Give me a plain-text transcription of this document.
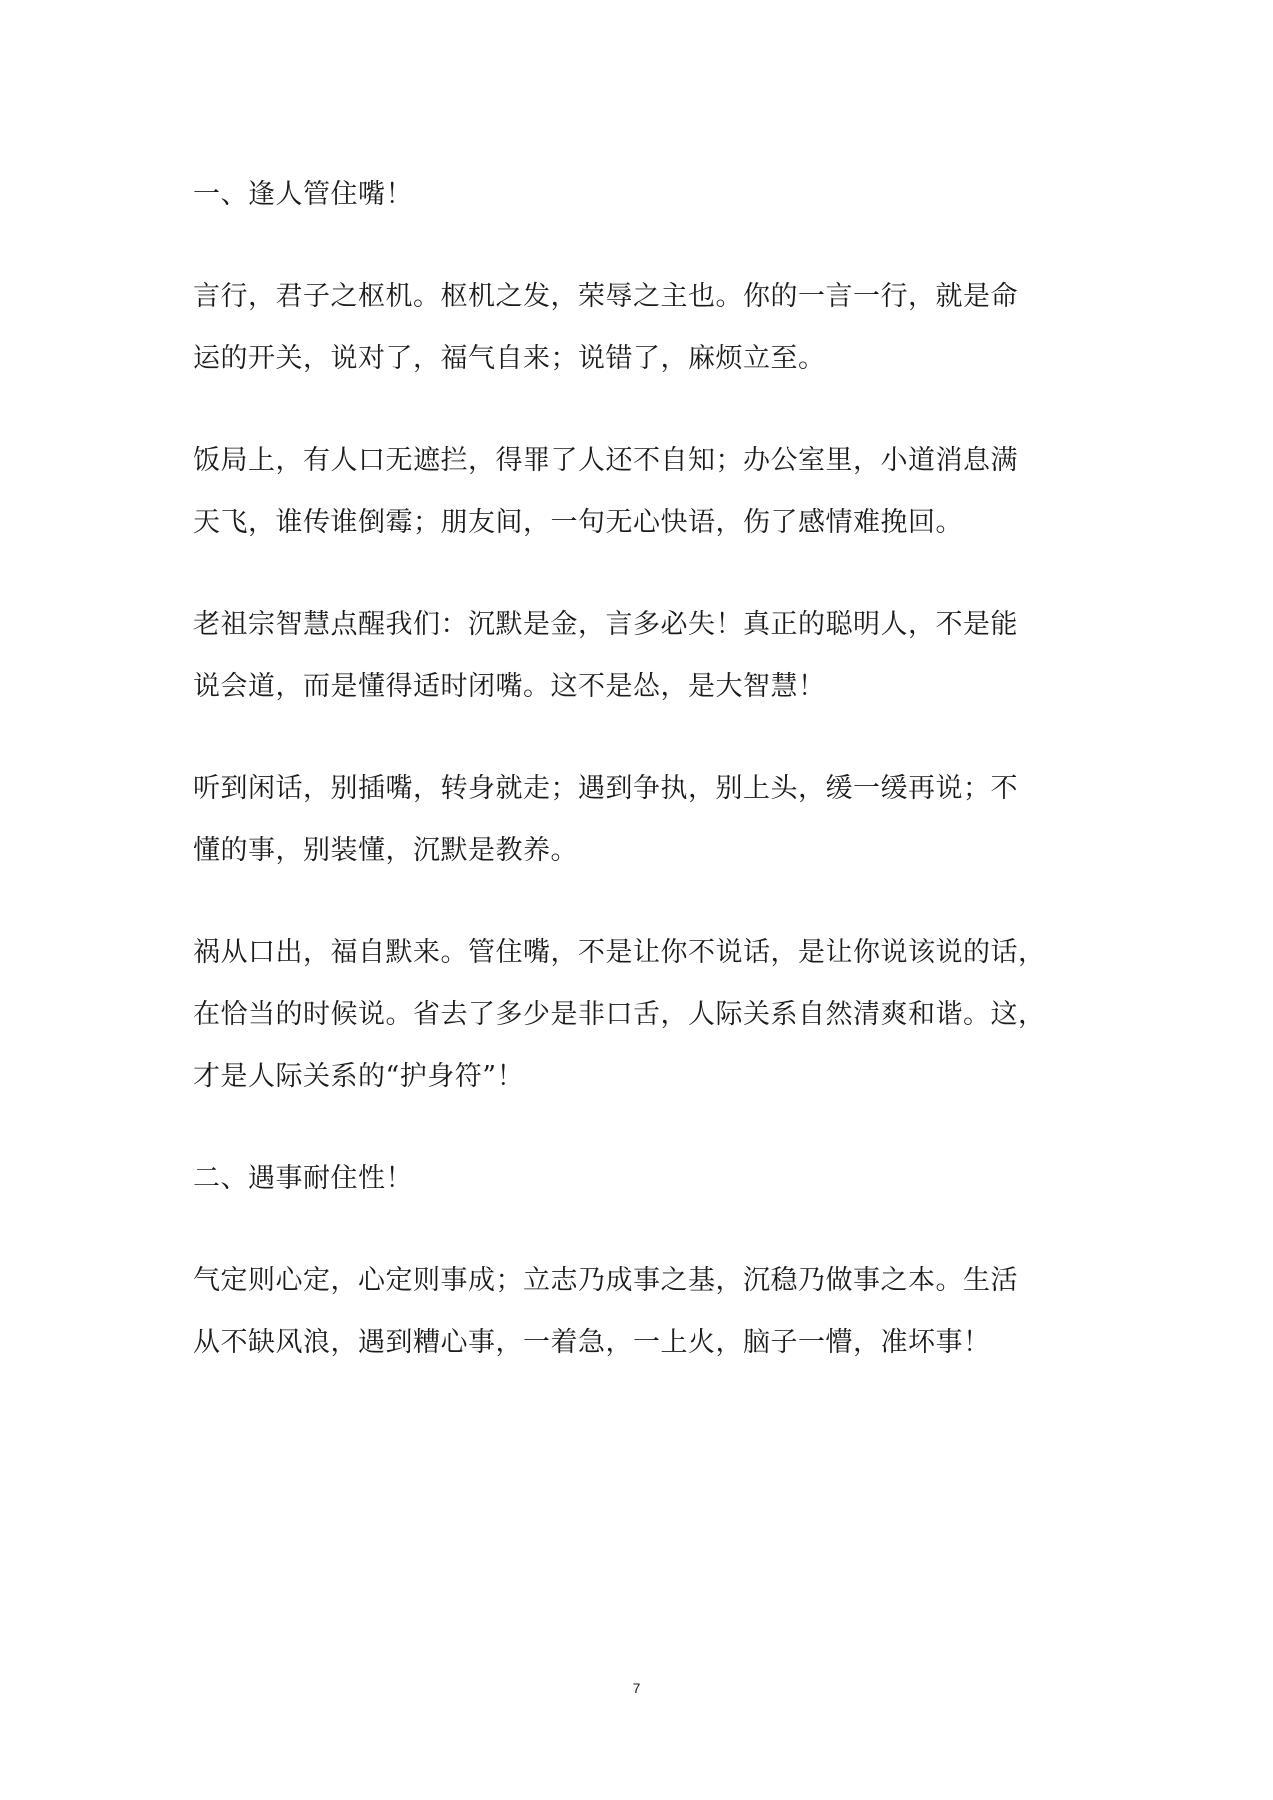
一、逢人管住嘴！
言行，君子之枢机。枢机之发，荣辱之主也。你的一言一行，就是命
运的开关，说对了，福气自来；说错了，麻烦立至。
饭局上，有人口无遮拦，得罪了人还不自知；办公室里，小道消息满
天飞，谁传谁倒霉；朋友间，一句无心快语，伤了感情难挽回。
老祖宗智慧点醒我们：沉默是金，言多必失！真正的聪明人，不是能
说会道，而是懂得适时闭嘴。这不是怂，是大智慧！
听到闲话，别插嘴，转身就走；遇到争执，别上头，缓一缓再说；不
懂的事，别装懂，沉默是教养。
祸从口出，福自默来。管住嘴，不是让你不说话，是让你说该说的话，
在恰当的时候说。省去了多少是非口舌，人际关系自然清爽和谐。这，
才是人际关系的“护身符”！
二、遇事耐住性！
气定则心定，心定则事成；立志乃成事之基，沉稳乃做事之本。生活
从不缺风浪，遇到糟心事，一着急，一上火，脑子一懵，准坏事！
7
